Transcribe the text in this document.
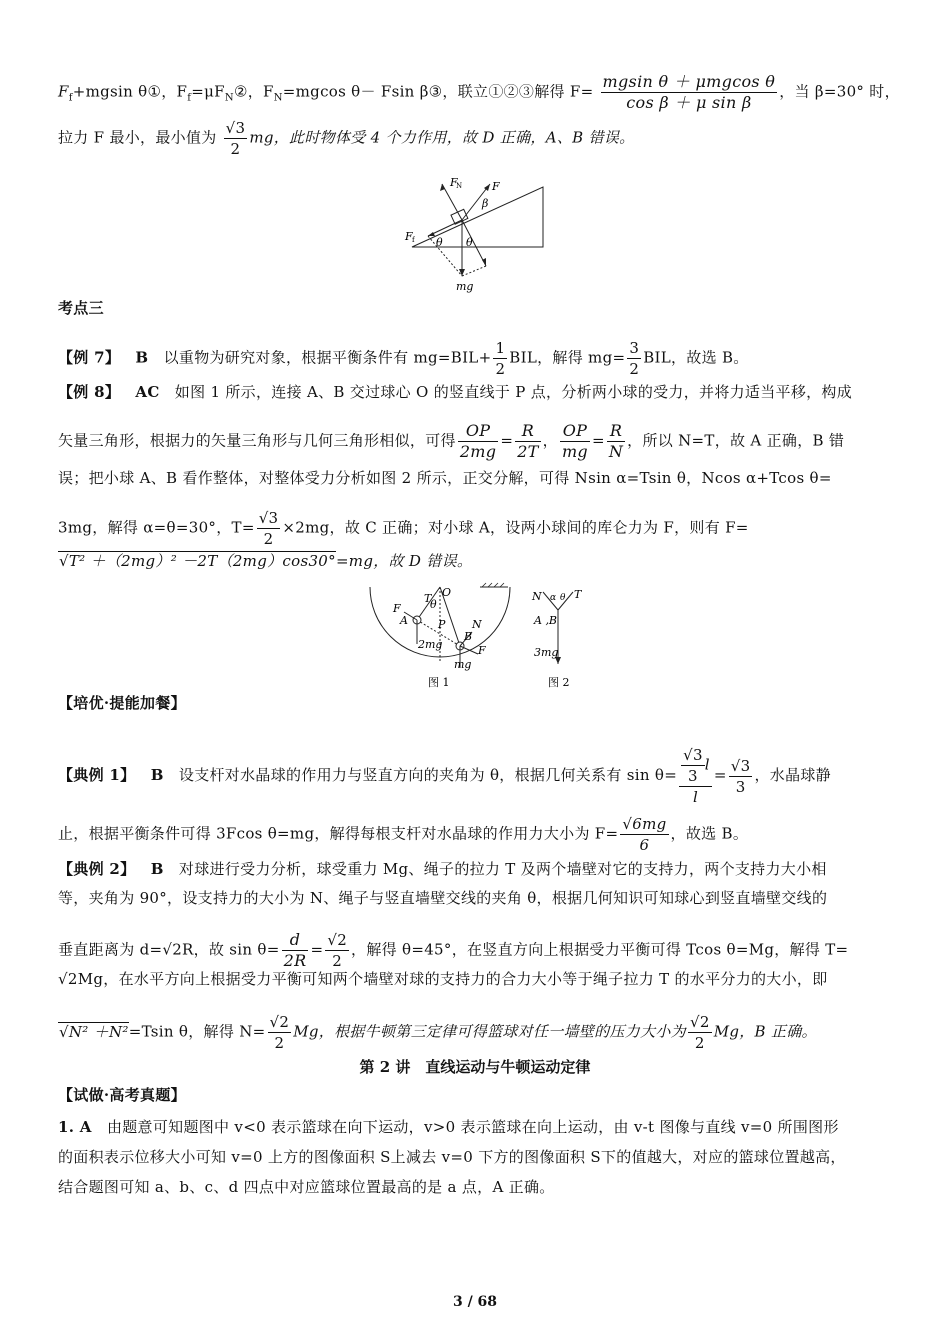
$F_f+mgsin$ θ①，$F_f=\mu F_N②$，$F_N=mgcos$ θ－ Fsin β③，联立①②③解得 $F= \frac{\text{mgsin θ ＋ μmgcos θ}}{\text{cos β ＋ μ sin β}}$ ，当 β=30° 时，
拉力 F 最小，最小值为 $\frac{√3}{2}$ mg，此时物体受 4 个力作用，故 D 正确，A、B 错误。
F
N	F
β
F f θ θ
mg
考点三
【例 7】 B 以重物为研究对象，根据平衡条件有 $mg=BIL+ \frac{1}{2}$ BIL，解得 $mg= \frac{3}{2}$ BIL，故选 B。
【例 8】 AC 如图 1 所示，连接 A、B 交过球心 O 的竖直线于 P 点，分析两小球的受力，并将力适当平移，构成
矢量三角形，根据力的矢量三角形与几何三角形相似，可得 $\frac{OP}{2mg} = \frac{R}{2T}$ ， $\frac{OP}{mg} = \frac{R}{N}$ ，所以 N=T，故 A 正确，B 错
误；把小球 A、B 看作整体，对整体受力分析如图 2 所示，正交分解，可得 Nsin α=Tsin θ，Ncos α+Tcos θ=
3mg，解得 α=θ=30°，$T= \frac{√3}{2} \times 2mg$，故 C 正确；对小球 A，设两小球间的库仑力为 F，则有 F=
√T² ＋（2mg）² －2T（2mg）cos30°=mg，故 D 错误。
T O
θ
F
A	P N
B
F
2mg
mg
图 1
N α θ T
A ,B
3mg
图 2
【培优·提能加餐】
【典例 1】 B 设支杆对水晶球的作用力与竖直方向的夹角为 θ，根据几何关系有 $\sin \theta= \frac{\frac{√3}{3} l}{l} = \frac{√3}{3}$ ，水晶球静
止，根据平衡条件可得 3Fcos θ=mg，解得每根支杆对水晶球的作用力大小为 $F= \frac{√6mg}{6}$ ，故选 B。
【典例 2】 B 对球进行受力分析，球受重力 Mg、绳子的拉力 T 及两个墙壁对它的支持力，两个支持力大小相
等，夹角为 90°，设支持力的大小为 N、绳子与竖直墙壁交线的夹角 θ，根据几何知识可知球心到竖直墙壁交线的
垂直距离为 d=√2R，故 $\sin \theta= \frac{d}{2R} = \frac{√2}{2}$ ，解得 θ=45°，在竖直方向上根据受力平衡可得 Tcos θ=Mg，解得 T=
√2Mg，在水平方向上根据受力平衡可知两个墙壁对球的支持力的合力大小等于绳子拉力 T 的水平分力的大小，即
√N² ＋N²=Tsin θ，解得 $N= \frac{√2}{2}$ Mg，根据牛顿第三定律可得篮球对任一墙壁的压力大小为 $\frac{√2}{2}$ Mg，B 正确。
第 2 讲　直线运动与牛顿运动定律
【试做·高考真题】
1. A 由题意可知题图中 v<0 表示篮球在向下运动，v>0 表示篮球在向上运动，由 v-t 图像与直线 v=0 所围图形
的面积表示位移大小可知 v=0 上方的图像面积 S上减去 v=0 下方的图像面积 S下的值越大，对应的篮球位置越高，
结合题图可知 a、b、c、d 四点中对应篮球位置最高的是 a 点，A 正确。
3 / 68
